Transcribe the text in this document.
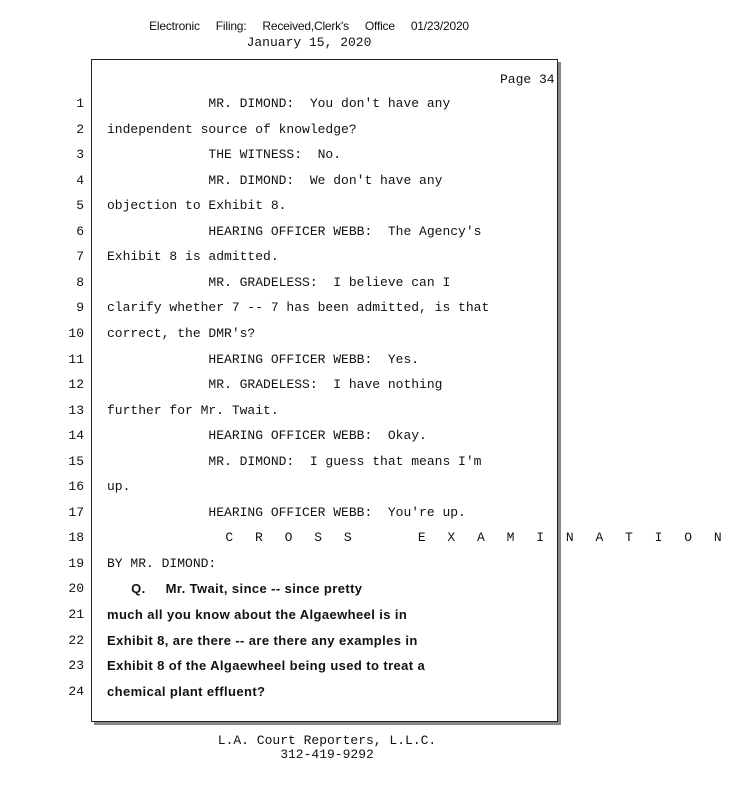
Electronic Filing: Received,Clerk's Office 01/23/2020
January 15, 2020
Page 34
1 MR. DIMOND:  You don't have any
2 independent source of knowledge?
3 THE WITNESS:  No.
4 MR. DIMOND:  We don't have any
5 objection to Exhibit 8.
6 HEARING OFFICER WEBB:  The Agency's
7 Exhibit 8 is admitted.
8 MR. GRADELESS:  I believe can I
9 clarify whether 7 -- 7 has been admitted, is that
10 correct, the DMR's?
11 HEARING OFFICER WEBB:  Yes.
12 MR. GRADELESS:  I have nothing
13 further for Mr. Twait.
14 HEARING OFFICER WEBB:  Okay.
15 MR. DIMOND:  I guess that means I'm
16 up.
17 HEARING OFFICER WEBB:  You're up.
18 C R O S S    E X A M I N A T I O N
19 BY MR. DIMOND:
20 Q.     Mr. Twait, since -- since pretty
21 much all you know about the Algaewheel is in
22 Exhibit 8, are there -- are there any examples in
23 Exhibit 8 of the Algaewheel being used to treat a
24 chemical plant effluent?
L.A. Court Reporters, L.L.C.
312-419-9292
